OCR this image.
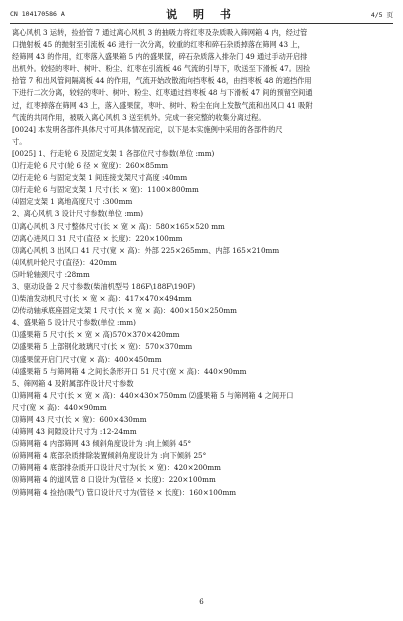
CN 104170586 A	说 明 书	4/5 页

离心风机 3 运转，捡拾管 7 通过离心风机 3 的抽吸力将红枣及杂质吸入筛网箱 4 内，经过管

口抛射板 45 的抛射至引流板 46 进行一次分离，较重的红枣和碎石杂质掉落在筛网 43 上，

经筛网 43 的作用，红枣落入盛果箱 5 内的盛果筐，碎石杂质落入排杂门 49 通过手动开启排

出机外。较轻的枣叶、树叶、粉尘、红枣在引流板 46 气流的引导下，吹送至下滑板 47。因捡

拾管 7 和出风管间隔离板 44 的作用，气流开始改散流向挡枣板 48，由挡枣板 48 的遮挡作用

下进行二次分离，较轻的枣叶、树叶、粉尘、红枣通过挡枣板 48 与下滑板 47 间的预留空间通

过，红枣掉落在筛网 43 上，落入盛果筐，枣叶、树叶、粉尘在向上发散气流和出风口 41 吸附

气流的共同作用，被吸入离心风机 3 送至机外。完成一套完整的收集分离过程。

[0024] 本发明各部件具体尺寸可具体情况而定，以下是本实施例中采用的各部件的尺

寸。

[0025] 1、行走轮 6 及固定支架 1 各部位尺寸参数(单位 :mm)

⑴行走轮 6 尺寸(轮 6 径 × 宽度)：260×85mm

⑵行走轮 6 与固定支架 1 间连接支架尺寸高度 :40mm

⑶行走轮 6 与固定支架 1 尺寸(长 × 宽)：1100×800mm

⑷固定支架 1 离地高度尺寸 :300mm

2、离心风机 3 设计尺寸参数(单位 :mm)

⑴离心风机 3 尺寸整体尺寸(长 × 宽 × 高)：580×165×520 mm

⑵离心进风口 31 尺寸(直径 × 长度)：220×100mm

⑶离心风机 3 出风口 41 尺寸(宽 × 高)：外部 225×265mm、内部 165×210mm

⑷风机叶轮尺寸(直径)：420mm

⑸叶轮轴颈尺寸 :28mm

3、驱动设备 2 尺寸参数(柴油机型号 186F\188F\190F)

⑴柴油发动机尺寸(长 × 宽 × 高)：417×470×494mm

⑵传动轴承底座固定支架 1 尺寸(长 × 宽 × 高)：400×150×250mm

4、盛果箱 5 设计尺寸参数(单位 :mm)

⑴盛果箱 5 尺寸(长 × 宽 × 高)570×370×420mm

⑵盛果箱 5 上部钢化玻璃尺寸(长 × 宽)：570×370mm

⑶盛果筐开启门尺寸(宽 × 高)：400×450mm

⑷盛果箱 5 与筛网箱 4 之间长条形开口 51 尺寸(宽 × 高)：440×90mm

5、筛网箱 4 及附属部件设计尺寸参数

⑴筛网箱 4 尺寸(长 × 宽 × 高)：440×430×750mm ⑵盛果箱 5 与筛网箱 4 之间开口

尺寸(宽 × 高)：440×90mm

⑶筛网 43 尺寸(长 × 宽)：600×430mm

⑷筛网 43 间隙设计尺寸为 :12-24mm

⑸筛网箱 4 内部筛网 43 倾斜角度设计为 :向上倾斜 45°

⑹筛网箱 4 底部杂质排除装置倾斜角度设计为 :向下倾斜 25°

⑺筛网箱 4 底部排杂质开口设计尺寸为(长 × 宽)：420×200mm

⑻筛网箱 4 的道风管 8 口设计为(管径 × 长度)：220×100mm

⑼筛网箱 4 捡拾(吸气) 管口设计尺寸为(管径 × 长度)：160×100mm

6
